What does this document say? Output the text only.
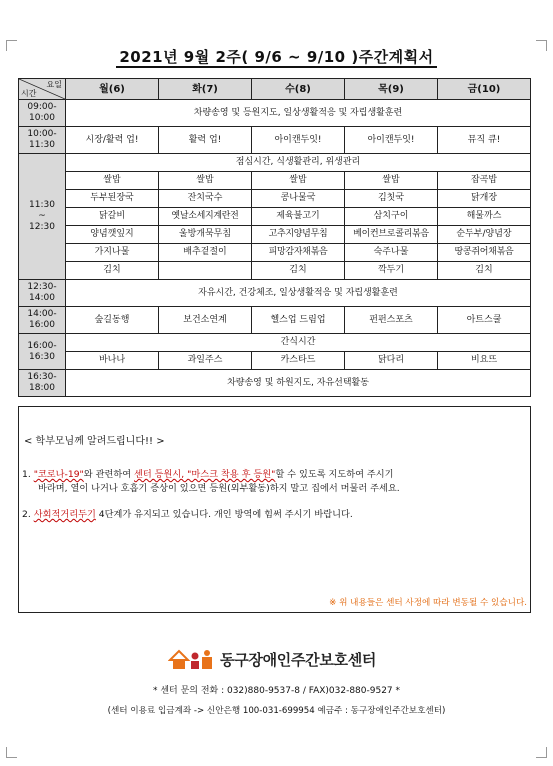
2021년 9월 2주( 9/6 ~ 9/10 )주간계획서
요일
시간	월(6)	화(7)	수(8)	목(9)	금(10)
09:00-
10:00	차량송영 및 등원지도, 일상생활적응 및 자립생활훈련				
10:00-
11:30	시장/활력 업!	활력 업!	아이캔두잇!	아이캔두잇!	뮤직 큐!
11:30
~
12:30	점심시간, 식생활관리, 위생관리				
	쌀밥	쌀밥	쌀밥	쌀밥	잡곡밥
	두부된장국	잔치국수	콩나물국	김칫국	닭개장
	닭갈비	옛날소세지계란전	제육불고기	삼치구이	해물까스
	양념깻잎지	울방개묵무침	고추지양념무침	베이컨브로콜리볶음	순두부/양념장
	가지나물	배추겉절이	피망감자채볶음	숙주나물	땅콩쥐어채볶음
	김치		김치	깍두기	김치
12:30-
14:00	자유시간, 건강체조, 일상생활적응 및 자립생활훈련				
14:00-
16:00	숲길동행	보건소연계	헬스업 드림업	펀펀스포츠	아트스쿨
16:00-
16:30	간식시간				
	바나나	과일주스	카스타드	닭다리	비요뜨
16:30-
18:00	차량송영 및 하원지도, 자유선택활동				
< 학부모님께 알려드립니다!! >
1. "코로나-19"와 관련하여 센터 등원시, "마스크 착용 후 등원"할 수 있도록 지도하여 주시기
바라며, 열이 나거나 호흡기 증상이 있으면 등원(외부활동)하지 말고 집에서 머물러 주세요.
2. 사회적거리두기 4단계가 유지되고 있습니다. 개인 방역에 힘써 주시기 바랍니다.
※ 위 내용들은 센터 사정에 따라 변동될 수 있습니다.
동구장애인주간보호센터
* 센터 문의 전화 : 032)880-9537-8 / FAX)032-880-9527 *
(센터 이용료 입금계좌 -> 신안은행 100-031-699954 예금주 : 동구장애인주간보호센터)
